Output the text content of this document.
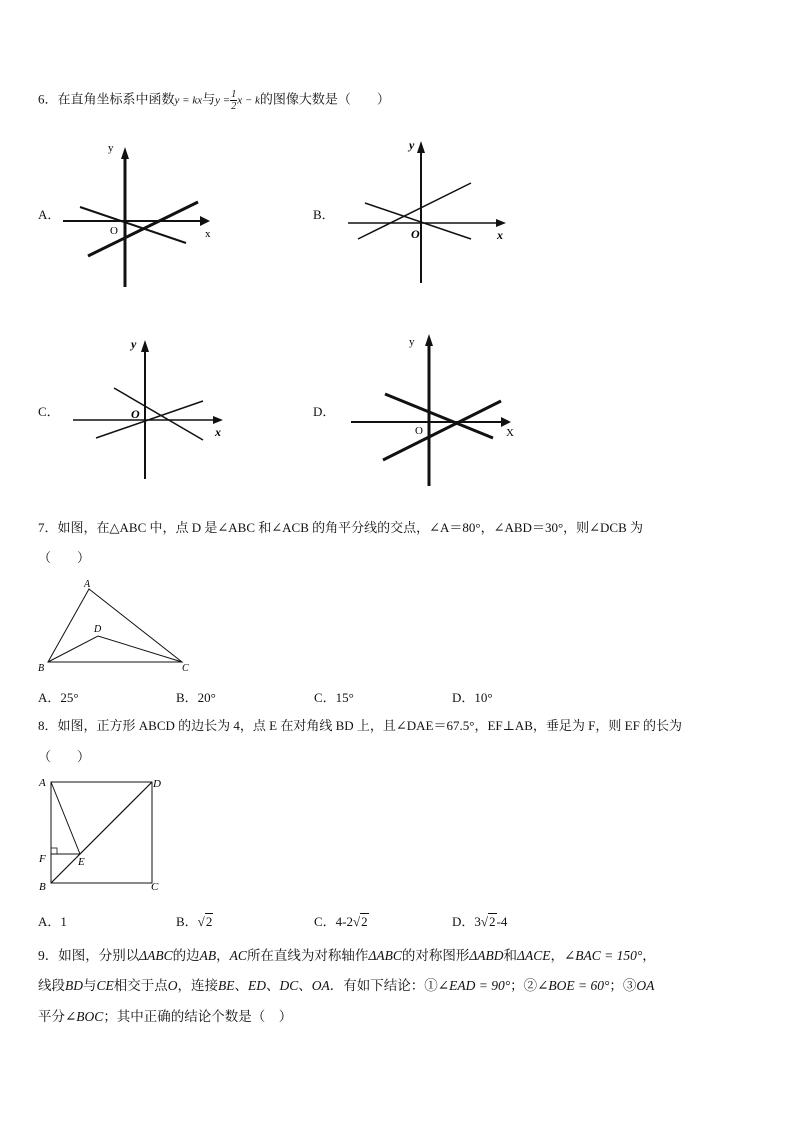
6．在直角坐标系中函数y = kx与$y = \frac{1}{2}$ x − k的图像大数是（　　）
A．
y
O	x
B．
y
O	x
C．
y
O
x
D．
y
O	X
7．如图，在△ABC 中，点 D 是∠ABC 和∠ACB 的角平分线的交点，∠A＝80°，∠ABD＝30°，则∠DCB 为
（　　）
A
B	C
D
A．25°	B．20°	C．15°	D．10°
8．如图，正方形 ABCD 的边长为 4，点 E 在对角线 BD 上，且∠DAE＝67.5°，EF⊥AB，垂足为 F，则 EF 的长为
（　　）
A
B	C
D
E
F
A．1	B．√2	C．4-2√2	D．3√2-4
9．如图，分别以ΔABC的边AB，AC所在直线为对称轴作ΔABC的对称图形ΔABD和ΔACE，∠BAC = 150°，
线段BD与CE相交于点O，连接BE、ED、DC、OA．有如下结论：①∠EAD = 90°；②∠BOE = 60°；③OA
平分∠BOC；其中正确的结论个数是（　）
